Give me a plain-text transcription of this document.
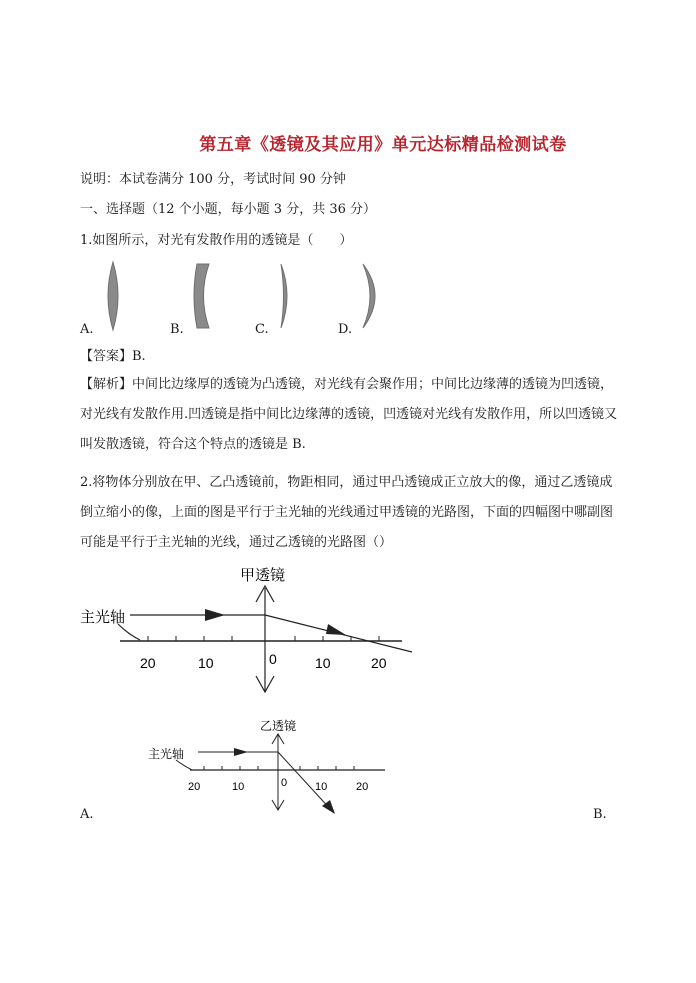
第五章《透镜及其应用》单元达标精品检测试卷
说明：本试卷满分 100 分，考试时间 90 分钟
一、选择题（12 个小题，每小题 3 分，共 36 分）
1.如图所示，对光有发散作用的透镜是（　　）
A.	B.	C.	D.
【答案】B.
【解析】中间比边缘厚的透镜为凸透镜，对光线有会聚作用；中间比边缘薄的透镜为凹透镜，对光线有发散作用.凹透镜是指中间比边缘薄的透镜，凹透镜对光线有发散作用，所以凹透镜又叫发散透镜，符合这个特点的透镜是 B.
2.将物体分别放在甲、乙凸透镜前，物距相同，通过甲凸透镜成正立放大的像，通过乙透镜成倒立缩小的像，上面的图是平行于主光轴的光线通过甲透镜的光路图，下面的四幅图中哪副图可能是平行于主光轴的光线，通过乙透镜的光路图（）
甲透镜
主光轴
20	10	0	10	20
乙透镜
主光轴
20	10	0	10	20
A.	B.
